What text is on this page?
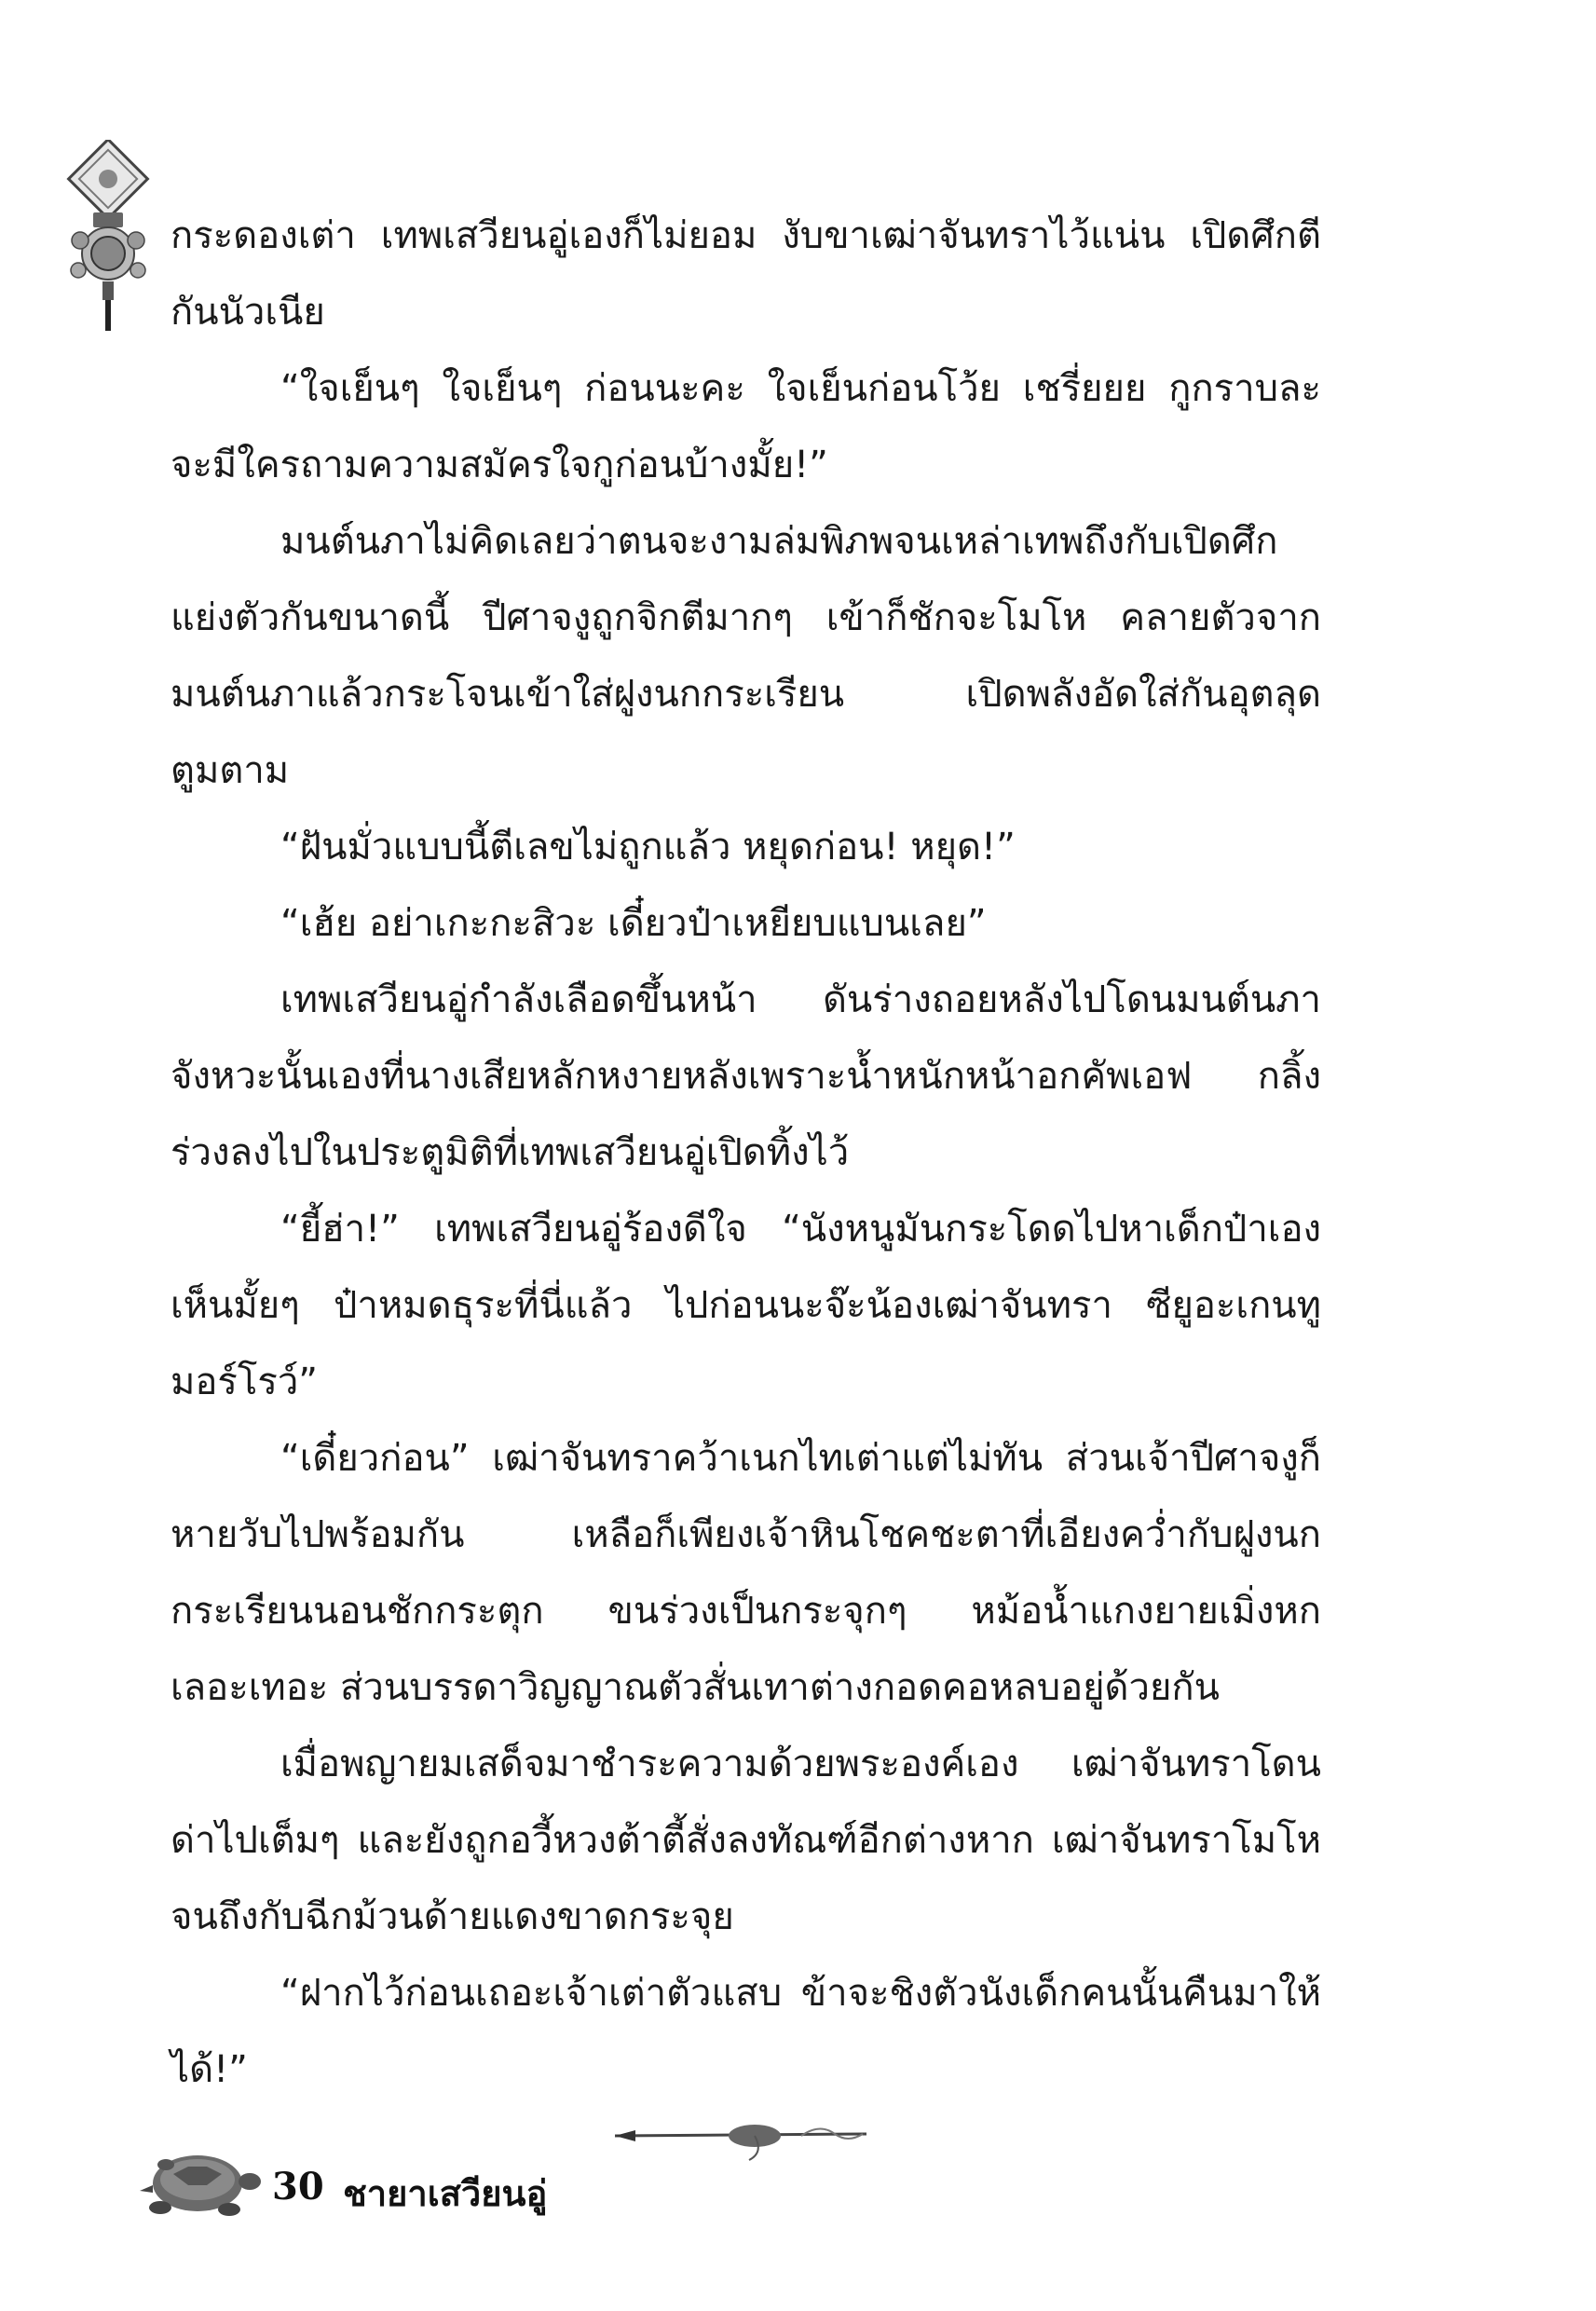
กระดองเต่า เทพเสวียนอู่เองก็ไม่ยอม งับขาเฒ่าจันทราไว้แน่น เปิดศึกตีกันนัวเนีย

“ใจเย็นๆ ใจเย็นๆ ก่อนนะคะ ใจเย็นก่อนโว้ย เชรี่ยยย กูกราบละ จะมีใครถามความสมัครใจกูก่อนบ้างมั้ย!”

มนต์นภาไม่คิดเลยว่าตนจะงามล่มพิภพจนเหล่าเทพถึงกับเปิดศึกแย่งตัวกันขนาดนี้ ปีศาจงูถูกจิกตีมากๆ เข้าก็ชักจะโมโห คลายตัวจากมนต์นภาแล้วกระโจนเข้าใส่ฝูงนกกระเรียน เปิดพลังอัดใส่กันอุตลุดตูมตาม

“ฝันมั่วแบบนี้ตีเลขไม่ถูกแล้ว หยุดก่อน! หยุด!”

“เฮ้ย อย่าเกะกะสิวะ เดี๋ยวป๋าเหยียบแบนเลย”

เทพเสวียนอู่กำลังเลือดขึ้นหน้า ดันร่างถอยหลังไปโดนมนต์นภาจังหวะนั้นเองที่นางเสียหลักหงายหลังเพราะน้ำหนักหน้าอกคัพเอฟ กลิ้งร่วงลงไปในประตูมิติที่เทพเสวียนอู่เปิดทิ้งไว้

“ยี้ฮ่า!” เทพเสวียนอู่ร้องดีใจ “นังหนูมันกระโดดไปหาเด็กป๋าเองเห็นมั้ยๆ ป๋าหมดธุระที่นี่แล้ว ไปก่อนนะจ๊ะน้องเฒ่าจันทรา ซียูอะเกนทูมอร์โรว์”

“เดี๋ยวก่อน” เฒ่าจันทราคว้าเนกไทเต่าแต่ไม่ทัน ส่วนเจ้าปีศาจงูก็หายวับไปพร้อมกัน เหลือก็เพียงเจ้าหินโชคชะตาที่เอียงคว่ำกับฝูงนกกระเรียนนอนชักกระตุก ขนร่วงเป็นกระจุกๆ หม้อน้ำแกงยายเมิ่งหกเลอะเทอะ ส่วนบรรดาวิญญาณตัวสั่นเทาต่างกอดคอหลบอยู่ด้วยกัน

เมื่อพญายมเสด็จมาชำระความด้วยพระองค์เอง เฒ่าจันทราโดนด่าไปเต็มๆ และยังถูกอวี้หวงต้าตี้สั่งลงทัณฑ์อีกต่างหาก เฒ่าจันทราโมโหจนถึงกับฉีกม้วนด้ายแดงขาดกระจุย

“ฝากไว้ก่อนเถอะเจ้าเต่าตัวแสบ ข้าจะชิงตัวนังเด็กคนนั้นคืนมาให้ได้!”

30 ชายาเสวียนอู่
